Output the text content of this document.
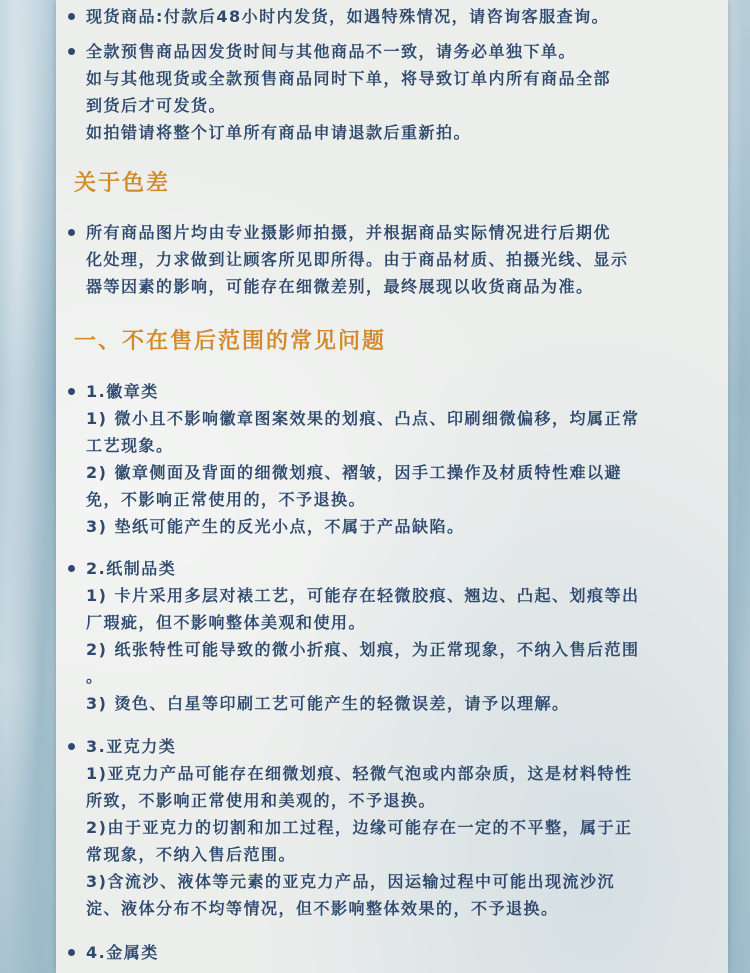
现货商品:付款后48小时内发货，如遇特殊情况，请咨询客服查询。
全款预售商品因发货时间与其他商品不一致，请务必单独下单。
如与其他现货或全款预售商品同时下单，将导致订单内所有商品全部
到货后才可发货。
如拍错请将整个订单所有商品申请退款后重新拍。
关于色差
所有商品图片均由专业摄影师拍摄，并根据商品实际情况进行后期优
化处理，力求做到让顾客所见即所得。由于商品材质、拍摄光线、显示
器等因素的影响，可能存在细微差别，最终展现以收货商品为准。
一、不在售后范围的常见问题
1.徽章类
1) 微小且不影响徽章图案效果的划痕、凸点、印刷细微偏移，均属正常
工艺现象。
2) 徽章侧面及背面的细微划痕、褶皱，因手工操作及材质特性难以避
免，不影响正常使用的，不予退换。
3) 垫纸可能产生的反光小点，不属于产品缺陷。
2.纸制品类
1) 卡片采用多层对裱工艺，可能存在轻微胶痕、翘边、凸起、划痕等出
厂瑕疵，但不影响整体美观和使用。
2) 纸张特性可能导致的微小折痕、划痕，为正常现象，不纳入售后范围
。
3) 烫色、白星等印刷工艺可能产生的轻微误差，请予以理解。
3.亚克力类
1)亚克力产品可能存在细微划痕、轻微气泡或内部杂质，这是材料特性
所致，不影响正常使用和美观的，不予退换。
2)由于亚克力的切割和加工过程，边缘可能存在一定的不平整，属于正
常现象，不纳入售后范围。
3)含流沙、液体等元素的亚克力产品，因运输过程中可能出现流沙沉
淀、液体分布不均等情况，但不影响整体效果的，不予退换。
4.金属类
